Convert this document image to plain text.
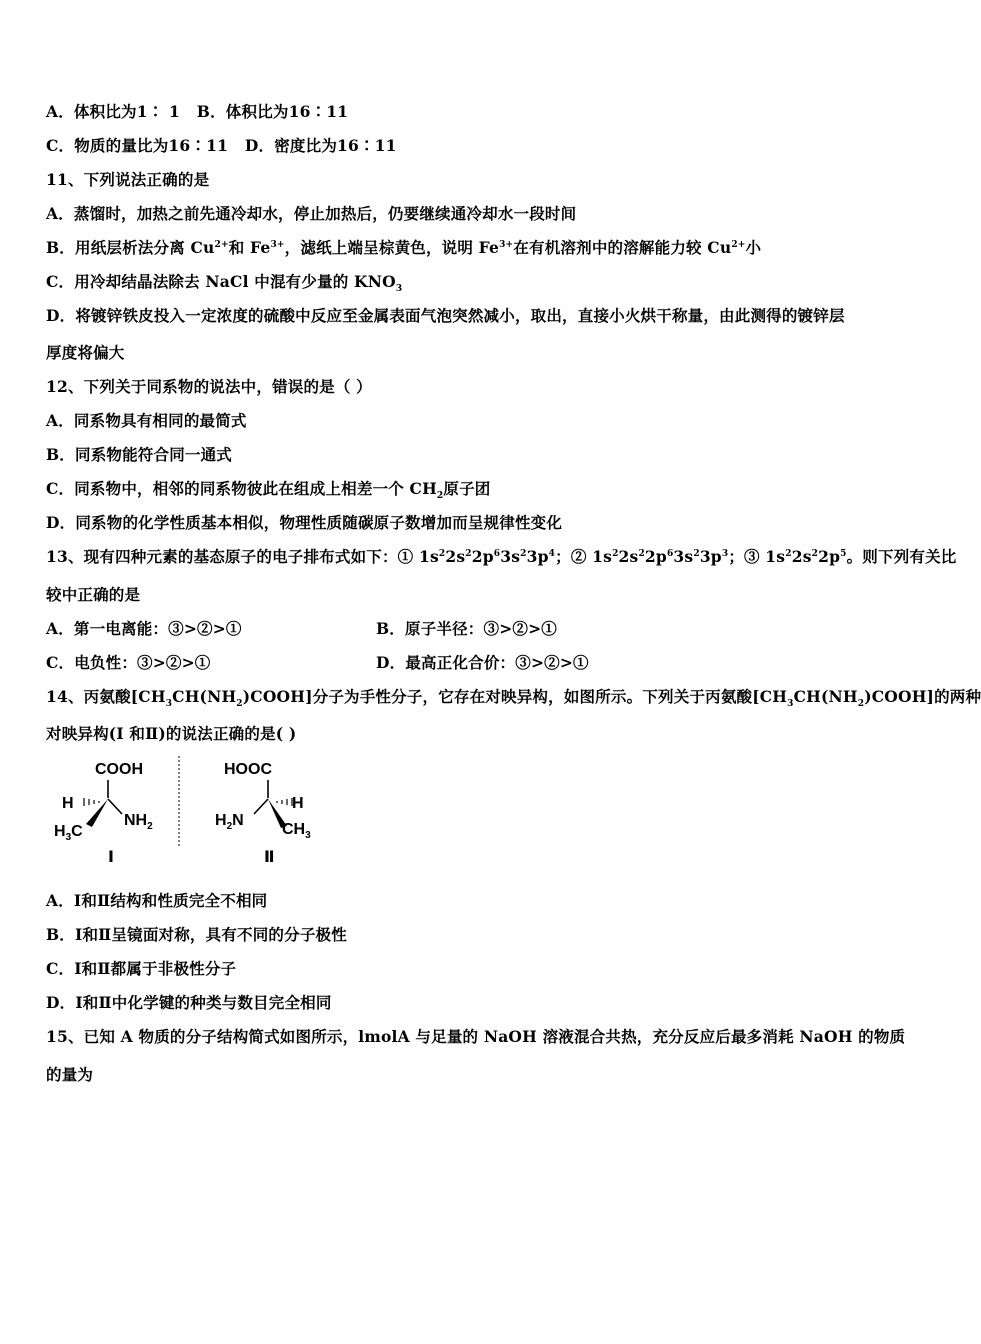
A．体积比为1∶ 1 B．体积比为16∶11
C．物质的量比为16∶11 D．密度比为16∶11
11、下列说法正确的是
A．蒸馏时，加热之前先通冷却水，停止加热后，仍要继续通冷却水一段时间
B．用纸层析法分离 $Cu^{2+}$和 $Fe^{3+}$，滤纸上端呈棕黄色，说明 $Fe^{3+}$在有机溶剂中的溶解能力较 $Cu^{2+}$小
C．用冷却结晶法除去 NaCl 中混有少量的 $KNO_3$
D．将镀锌铁皮投入一定浓度的硫酸中反应至金属表面气泡突然减小，取出，直接小火烘干称量，由此测得的镀锌层
厚度将偏大
12、下列关于同系物的说法中，错误的是（ ）
A．同系物具有相同的最简式
B．同系物能符合同一通式
C．同系物中，相邻的同系物彼此在组成上相差一个 $CH_2$原子团
D．同系物的化学性质基本相似，物理性质随碳原子数增加而呈规律性变化
13、现有四种元素的基态原子的电子排布式如下：① $1s^22s^22p^63s^23p^4$；② $1s^22s^22p^63s^23p^3$；③ $1s^22s^22p^5$。则下列有关比
较中正确的是
A．第一电离能：③>②>①	B．原子半径：③>②>①
C．电负性：③>②>①	D．最高正化合价：③>②>①
14、丙氨酸$[CH_3CH(NH_2)COOH]$分子为手性分子，它存在对映异构，如图所示。下列关于丙氨酸$[CH_3CH(NH_2)COOH]$的两种
对映异构(Ⅰ 和Ⅱ)的说法正确的是( )
COOH
H
$H_3C$
$NH_2$
Ⅰ
HOOC
H
$H_2N$
$CH_3$
Ⅱ
A．Ⅰ和Ⅱ结构和性质完全不相同
B．Ⅰ和Ⅱ呈镜面对称，具有不同的分子极性
C．Ⅰ和Ⅱ都属于非极性分子
D．Ⅰ和Ⅱ中化学键的种类与数目完全相同
15、已知 A 物质的分子结构简式如图所示，lmolA 与足量的 NaOH 溶液混合共热，充分反应后最多消耗 NaOH 的物质
的量为
